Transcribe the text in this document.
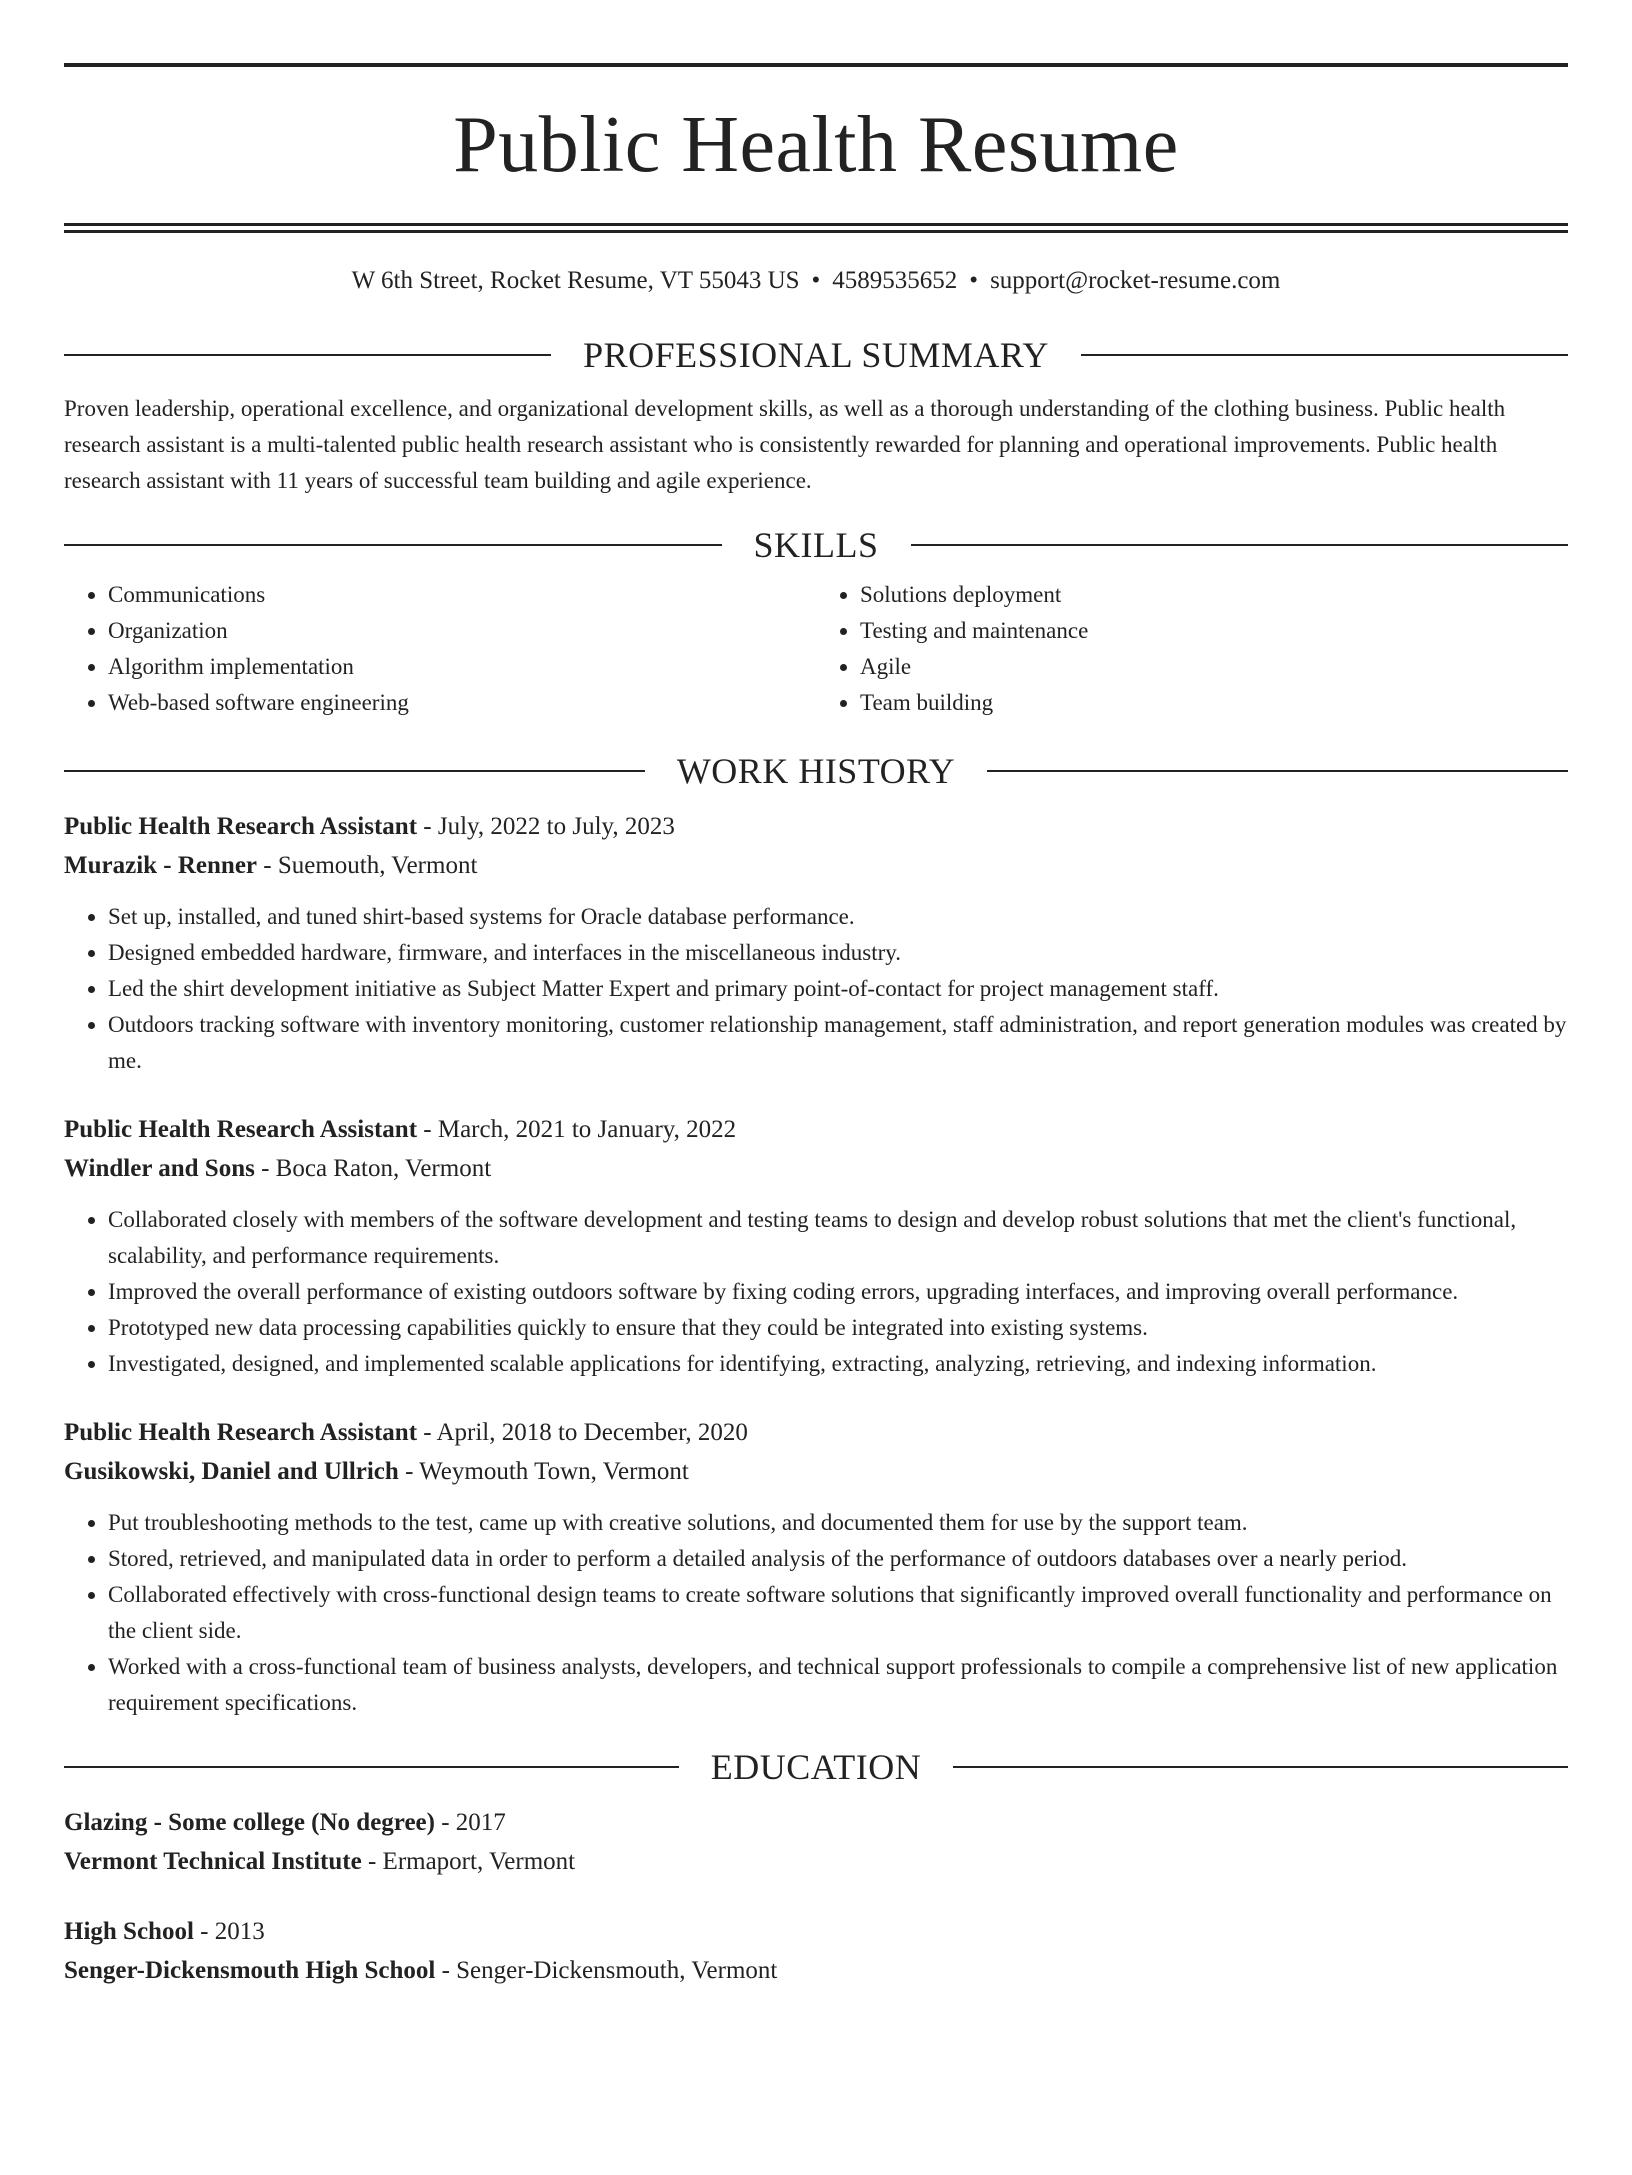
Public Health Resume
W 6th Street, Rocket Resume, VT 55043 US • 4589535652 • support@rocket-resume.com
PROFESSIONAL SUMMARY

Proven leadership, operational excellence, and organizational development skills, as well as a thorough understanding of the clothing business. Public health research assistant is a multi-talented public health research assistant who is consistently rewarded for planning and operational improvements. Public health research assistant with 11 years of successful team building and agile experience.

SKILLS
• Communications
• Organization
• Algorithm implementation
• Web-based software engineering
• Solutions deployment
• Testing and maintenance
• Agile
• Team building
WORK HISTORY
Public Health Research Assistant - July, 2022 to July, 2023
Murazik - Renner - Suemouth, Vermont
• Set up, installed, and tuned shirt-based systems for Oracle database performance.
• Designed embedded hardware, firmware, and interfaces in the miscellaneous industry.
• Led the shirt development initiative as Subject Matter Expert and primary point-of-contact for project management staff.
• Outdoors tracking software with inventory monitoring, customer relationship management, staff administration, and report generation modules was created by me.
Public Health Research Assistant - March, 2021 to January, 2022
Windler and Sons - Boca Raton, Vermont
• Collaborated closely with members of the software development and testing teams to design and develop robust solutions that met the client's functional, scalability, and performance requirements.
• Improved the overall performance of existing outdoors software by fixing coding errors, upgrading interfaces, and improving overall performance.
• Prototyped new data processing capabilities quickly to ensure that they could be integrated into existing systems.
• Investigated, designed, and implemented scalable applications for identifying, extracting, analyzing, retrieving, and indexing information.
Public Health Research Assistant - April, 2018 to December, 2020
Gusikowski, Daniel and Ullrich - Weymouth Town, Vermont
• Put troubleshooting methods to the test, came up with creative solutions, and documented them for use by the support team.
• Stored, retrieved, and manipulated data in order to perform a detailed analysis of the performance of outdoors databases over a nearly period.
• Collaborated effectively with cross-functional design teams to create software solutions that significantly improved overall functionality and performance on the client side.
• Worked with a cross-functional team of business analysts, developers, and technical support professionals to compile a comprehensive list of new application requirement specifications.
EDUCATION
Glazing - Some college (No degree) - 2017
Vermont Technical Institute - Ermaport, Vermont
High School - 2013
Senger-Dickensmouth High School - Senger-Dickensmouth, Vermont
